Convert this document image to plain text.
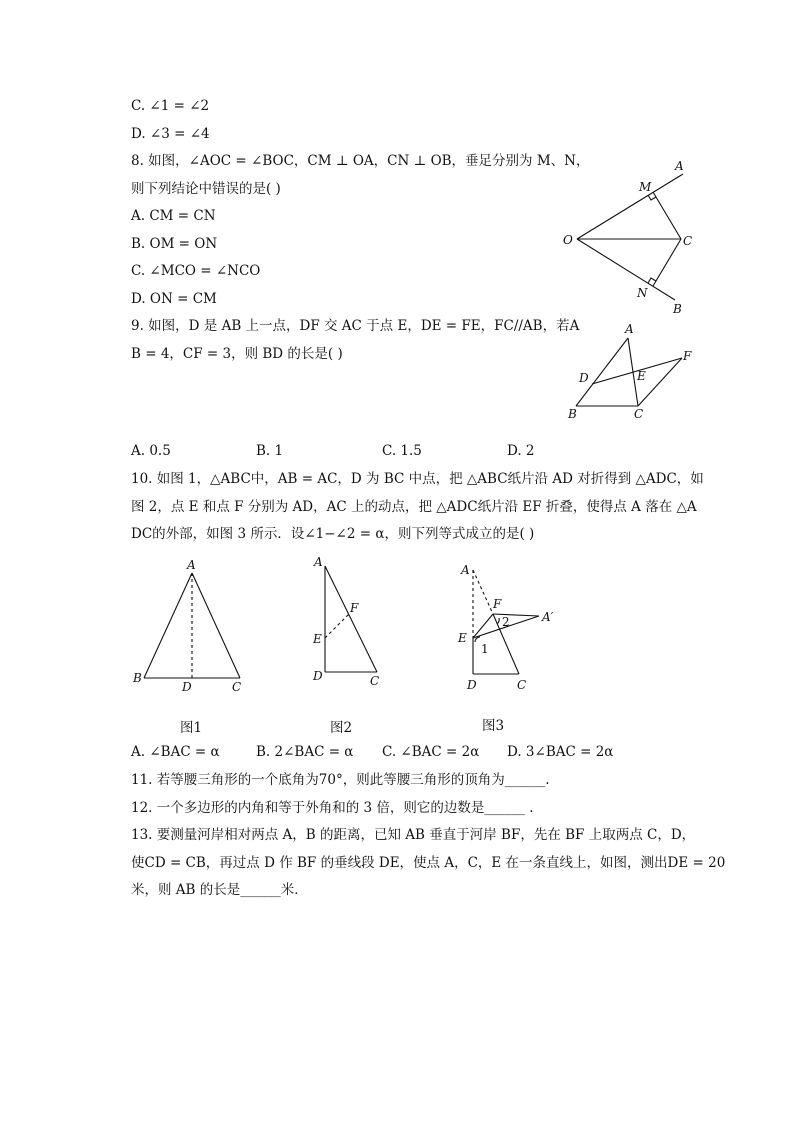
C. ∠1 = ∠2
D. ∠3 = ∠4
8. 如图，∠AOC = ∠BOC，CM ⊥ OA，CN ⊥ OB，垂足分别为 M、N，
则下列结论中错误的是( )
A. CM = CN
B. OM = ON
C. ∠MCO = ∠NCO
D. ON = CM
A
M
O	C
N
B
9. 如图，D 是 AB 上一点，DF 交 AC 于点 E，DE = FE，FC//AB，若A
B = 4，CF = 3，则 BD 的长是( )
A
F
D	E
B	C
A. 0.5	B. 1	C. 1.5	D. 2
10. 如图 1，△ABC中，AB = AC，D 为 BC 中点，把 △ABC纸片沿 AD 对折得到 △ADC，如
图 2，点 E 和点 F 分别为 AD，AC 上的动点，把 △ADC纸片沿 EF 折叠，使得点 A 落在 △A
DC的外部，如图 3 所示．设∠1−∠2 = α，则下列等式成立的是( )
A
B
D	C
图1
A
F
E
D	C
图2
A
F
2	A′
E
1
D	C
图3
A. ∠BAC = α	B. 2∠BAC = α C. ∠BAC = 2α D. 3∠BAC = 2α
11. 若等腰三角形的一个底角为70°，则此等腰三角形的顶角为______.
12. 一个多边形的内角和等于外角和的 3 倍，则它的边数是______ .
13. 要测量河岸相对两点 A，B 的距离，已知 AB 垂直于河岸 BF，先在 BF 上取两点 C，D，
使CD = CB，再过点 D 作 BF 的垂线段 DE，使点 A，C，E 在一条直线上，如图，测出DE = 20
米，则 AB 的长是______米．
